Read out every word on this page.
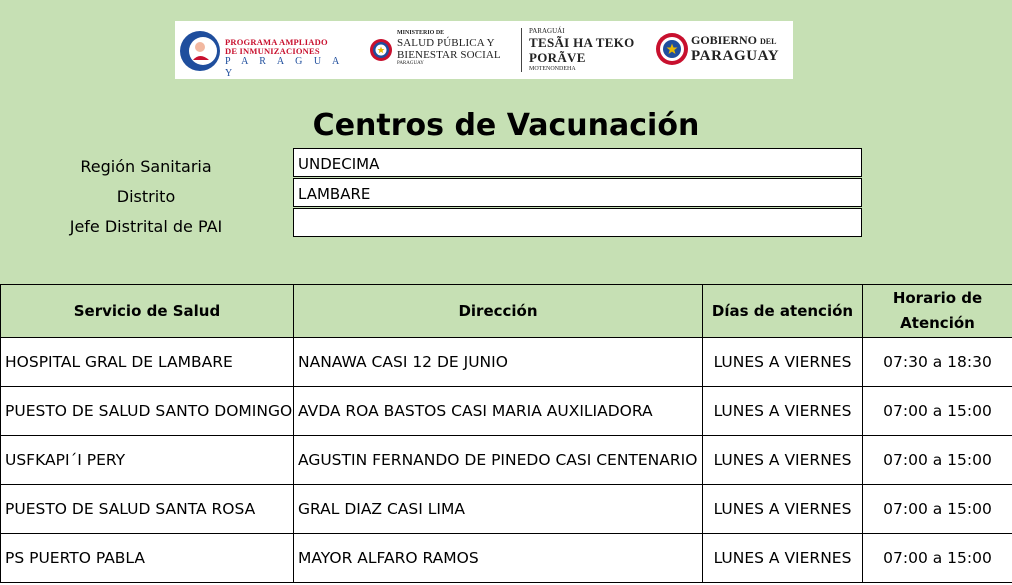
PROGRAMA AMPLIADO
DE INMUNIZACIONES
P A R A G U A Y
MINISTERIO DE
SALUD PÚBLICA Y
BIENESTAR SOCIAL
PARAGUAY
PARAGUÁI
TESÃI HA TEKO
PORÃVE
MOTENONDEHA
GOBIERNO DEL
PARAGUAY
Centros de Vacunación
Región Sanitaria	UNDECIMA
Distrito	LAMBARE
Jefe Distrital de PAI
Servicio de Salud	Dirección	Días de atención	Horario de
Atención
HOSPITAL GRAL DE LAMBARE	NANAWA CASI 12 DE JUNIO	LUNES A VIERNES	07:30 a 18:30
PUESTO DE SALUD SANTO DOMINGO	AVDA ROA BASTOS CASI MARIA AUXILIADORA	LUNES A VIERNES	07:00 a 15:00
USFKAPI´I PERY	AGUSTIN FERNANDO DE PINEDO CASI CENTENARIO	LUNES A VIERNES	07:00 a 15:00
PUESTO DE SALUD SANTA ROSA	GRAL DIAZ CASI LIMA	LUNES A VIERNES	07:00 a 15:00
PS PUERTO PABLA	MAYOR ALFARO RAMOS	LUNES A VIERNES	07:00 a 15:00
